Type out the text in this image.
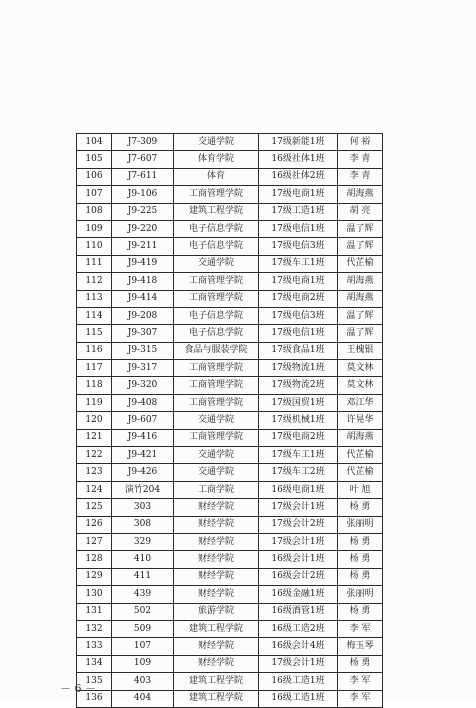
104	J7-309	交通学院	17级新能1班	何 裕
105	J7-607	体育学院	16级社体1班	李 青
106	J7-611	体育	16级社体2班	李 青
107	J9-106	工商管理学院	17级电商1班	胡海燕
108	J9-225	建筑工程学院	17级工造1班	胡 亮
109	J9-220	电子信息学院	17级电信1班	温了辉
110	J9-211	电子信息学院	17级电信3班	温了辉
111	J9-419	交通学院	17级车工1班	代芷榆
112	J9-418	工商管理学院	17级电商1班	胡海燕
113	J9-414	工商管理学院	17级电商2班	胡海燕
114	J9-208	电子信息学院	17级电信3班	温了辉
115	J9-307	电子信息学院	17级电信1班	温了辉
116	J9-315	食品与服装学院	17级食品1班	王槐银
117	J9-317	工商管理学院	17级物流1班	莫文林
118	J9-320	工商管理学院	17级物流2班	莫文林
119	J9-408	工商管理学院	17级国贸1班	邓江华
120	J9-607	交通学院	17级机械1班	许晃华
121	J9-416	工商管理学院	17级电商2班	胡海燕
122	J9-421	交通学院	17级车工1班	代芷榆
123	J9-426	交通学院	17级车工2班	代芷榆
124	演竹204	工商学院	16级电商1班	叶 旭
125	303	财经学院	17级会计1班	杨 勇
126	308	财经学院	17级会计2班	张丽明
127	329	财经学院	17级会计1班	杨 勇
128	410	财经学院	16级会计1班	杨 勇
129	411	财经学院	16级会计2班	杨 勇
130	439	财经学院	16级金融1班	张丽明
131	502	旅游学院	16级酒管1班	杨 勇
132	509	建筑工程学院	16级工造2班	李 军
133	107	财经学院	16级会计4班	梅玉琴
134	109	财经学院	17级会计1班	杨 勇
135	403	建筑工程学院	16级工造1班	李 军
136	404	建筑工程学院	16级工造1班	李 军
－ 6 －
·
·
